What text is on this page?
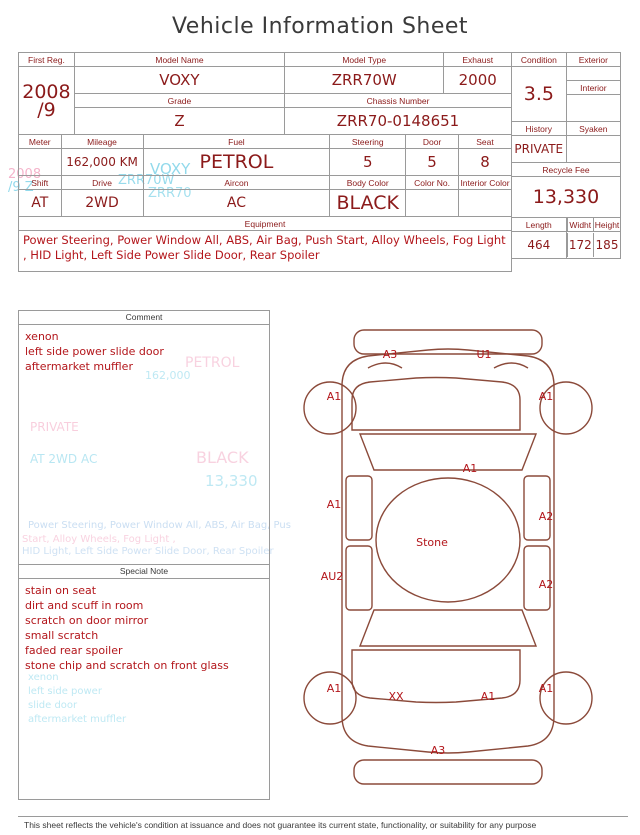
Vehicle Information Sheet
VOXY
ZRR70W
2008
/9 Z	ZRR70
PETROL
162,000
PRIVATE
AT 2WD AC	BLACK
13,330
Power Steering, Power Window All, ABS, Air Bag, Pus
Start, Alloy Wheels, Fog Light ,
HID Light, Left Side Power Slide Door, Rear Spoiler
xenon
left side power
slide door
aftermarket muffler
First Reg.	Model Name	Model Type	Exhaust

2008
/9	VOXY	ZRR70W	2000
	Grade	Chassis Number	
	Z	ZRR70-0148651	
Meter	Mileage	Fuel	Steering	Door	Seat
	162,000 KM	PETROL	5	5	8
Shift	Drive	Aircon	Body Color	Color No.	Interior Color
AT	2WD	AC	BLACK		
Equipment					
Power Steering, Power Window All, ABS, Air Bag, Push Start, Alloy Wheels, Fog Light , HID Light, Left Side Power Slide Door, Rear Spoiler
Condition	Exterior
3.5	
	Interior

History	Syaken
PRIVATE	
Recycle Fee
13,330
Length	Widht	Height

464	172	185
Comment
xenon
left side power slide door
aftermarket muffler
Special Note
stain on seat
dirt and scuff in room
scratch on door mirror
small scratch
faded rear spoiler
stone chip and scratch on front glass
A3	U1
A1	A1
A1
A1
A2
AU2
A2
A1
XX	A1
A1
A3
Stone
This sheet reflects the vehicle's condition at issuance and does not guarantee its current state, functionality, or suitability for any purpose
